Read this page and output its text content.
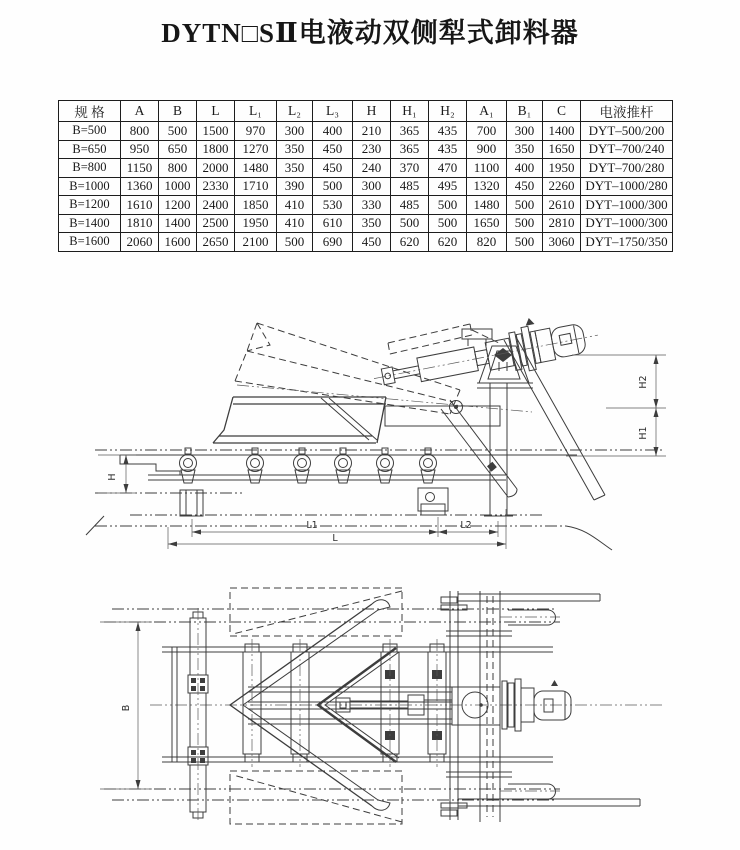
DYTN□SⅡ电液动双侧犁式卸料器
规 格	A	B	L	L₁	L₂	L₃	H	H₁	H₂	A₁	B₁	C	电液推杆
B=500	800	500	1500	970	300	400	210	365	435	700	300	1400	DYT–500/200
B=650	950	650	1800	1270	350	450	230	365	435	900	350	1650	DYT–700/240
B=800	1150	800	2000	1480	350	450	240	370	470	1100	400	1950	DYT–700/280
B=1000	1360	1000	2330	1710	390	500	300	485	495	1320	450	2260	DYT–1000/280
B=1200	1610	1200	2400	1850	410	530	330	485	500	1480	500	2610	DYT–1000/300
B=1400	1810	1400	2500	1950	410	610	350	500	500	1650	500	2810	DYT–1000/300
B=1600	2060	1600	2650	2100	500	690	450	620	620	820	500	3060	DYT–1750/350
H
H2
H1
L1	L2
L
B
